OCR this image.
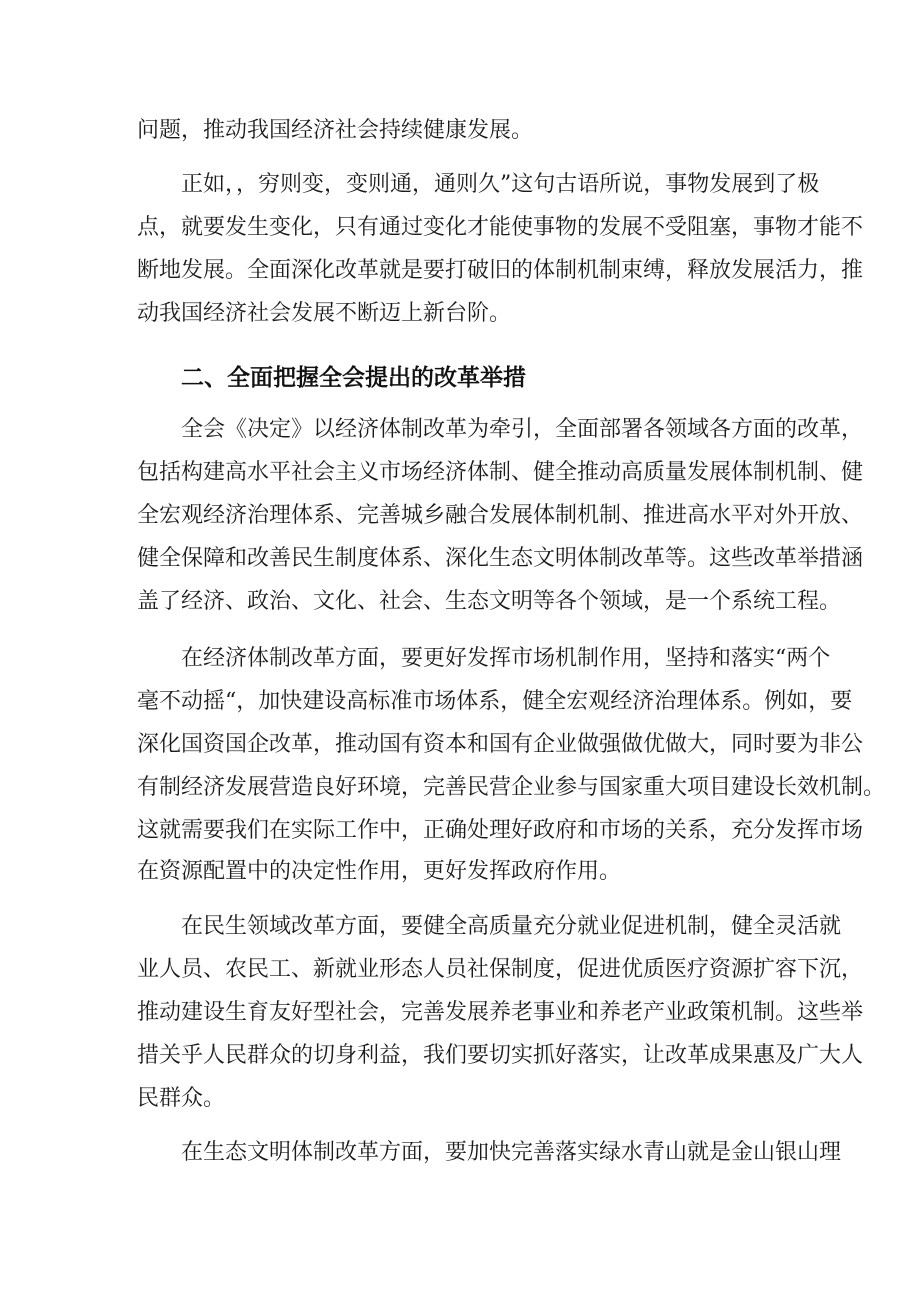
问题，推动我国经济社会持续健康发展。
正如，，穷则变，变则通，通则久”这句古语所说，事物发展到了极
点，就要发生变化，只有通过变化才能使事物的发展不受阻塞，事物才能不
断地发展。全面深化改革就是要打破旧的体制机制束缚，释放发展活力，推
动我国经济社会发展不断迈上新台阶。
二、全面把握全会提出的改革举措
全会《决定》以经济体制改革为牵引，全面部署各领域各方面的改革，
包括构建高水平社会主义市场经济体制、健全推动高质量发展体制机制、健
全宏观经济治理体系、完善城乡融合发展体制机制、推进高水平对外开放、
健全保障和改善民生制度体系、深化生态文明体制改革等。这些改革举措涵
盖了经济、政治、文化、社会、生态文明等各个领域，是一个系统工程。
在经济体制改革方面，要更好发挥市场机制作用，坚持和落实“两个
毫不动摇“，加快建设高标准市场体系，健全宏观经济治理体系。例如，要
深化国资国企改革，推动国有资本和国有企业做强做优做大，同时要为非公
有制经济发展营造良好环境，完善民营企业参与国家重大项目建设长效机制。
这就需要我们在实际工作中，正确处理好政府和市场的关系，充分发挥市场
在资源配置中的决定性作用，更好发挥政府作用。
在民生领域改革方面，要健全高质量充分就业促进机制，健全灵活就
业人员、农民工、新就业形态人员社保制度，促进优质医疗资源扩容下沉，
推动建设生育友好型社会，完善发展养老事业和养老产业政策机制。这些举
措关乎人民群众的切身利益，我们要切实抓好落实，让改革成果惠及广大人
民群众。
在生态文明体制改革方面，要加快完善落实绿水青山就是金山银山理
